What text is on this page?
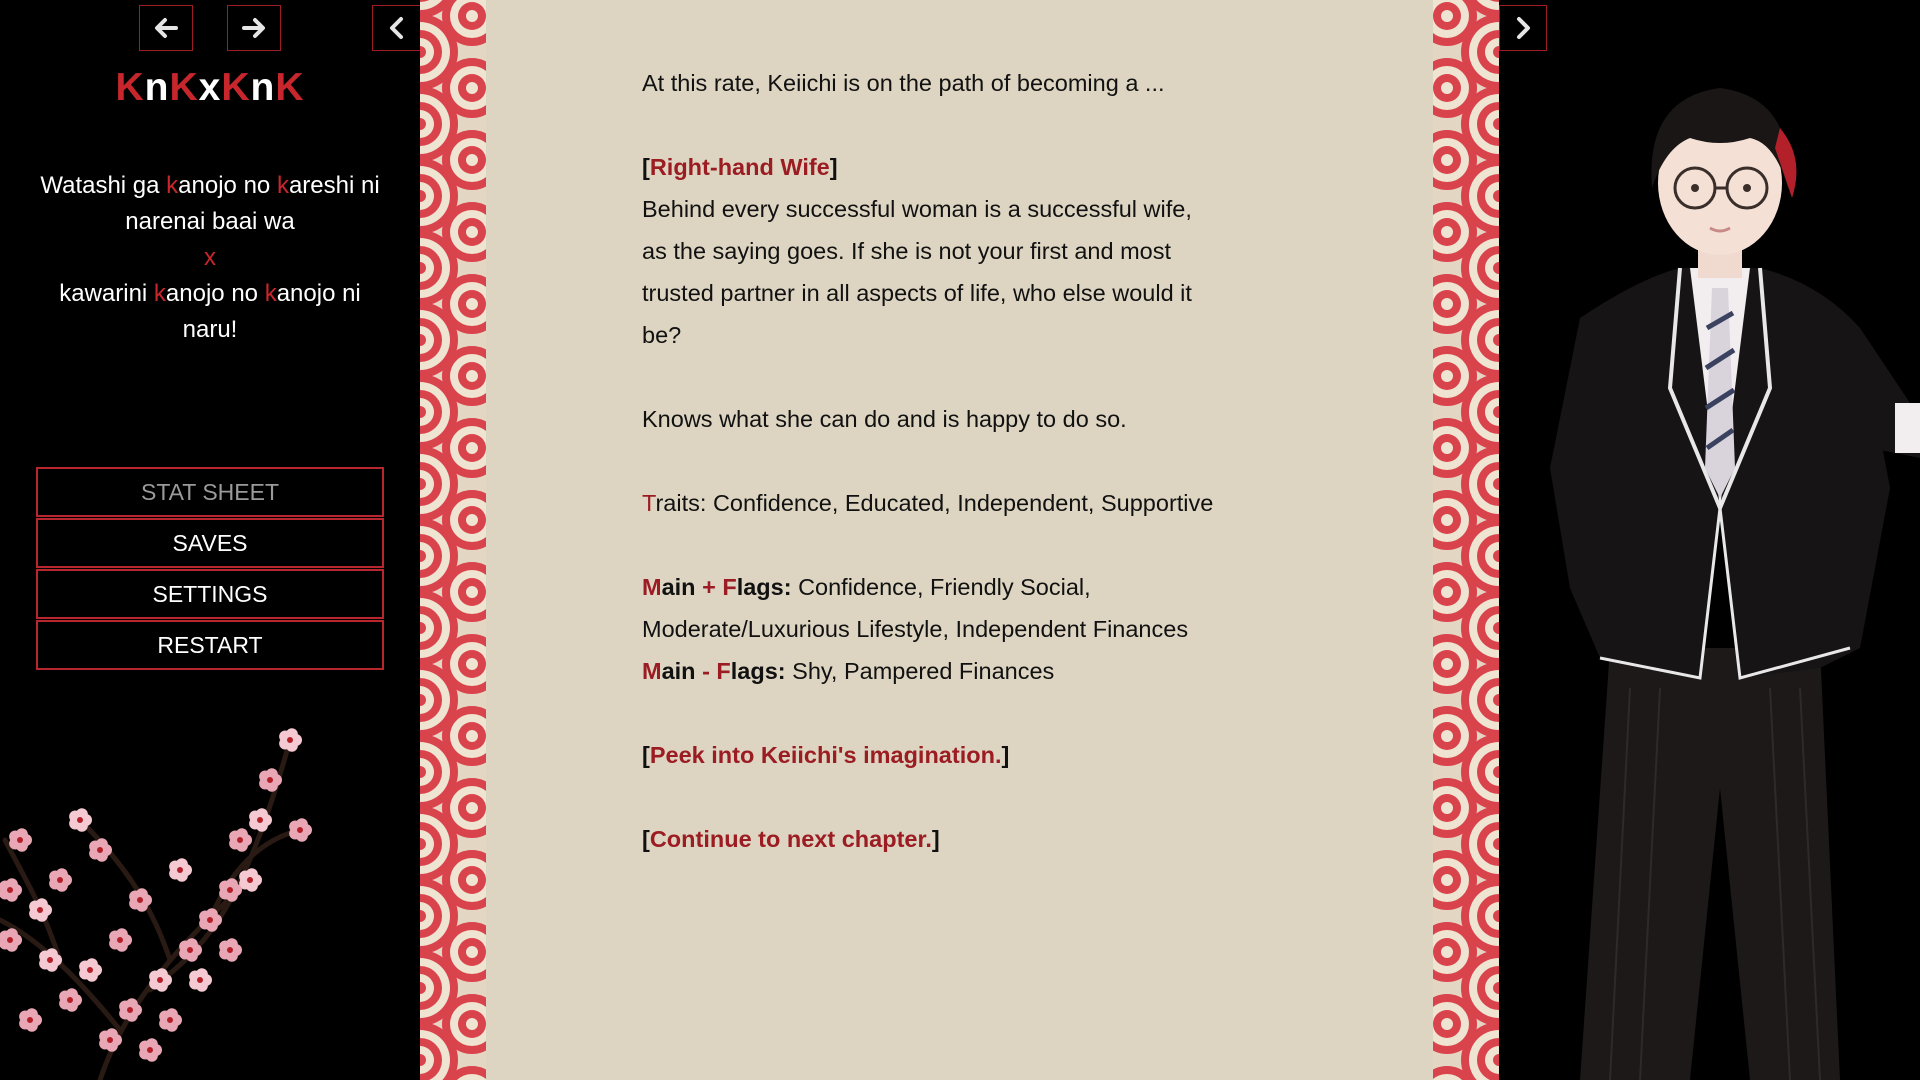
KnKxKnK
Watashi ga kanojo no kareshi ni narenai baai wa
x
kawarini kanojo no kanojo ni naru!
STAT SHEET
SAVES
SETTINGS
RESTART

At this rate, Keiichi is on the path of becoming a ...

[Right-hand Wife]
Behind every successful woman is a successful wife, as the saying goes. If she is not your first and most trusted partner in all aspects of life, who else would it be?

Knows what she can do and is happy to do so.

Traits: Confidence, Educated, Independent, Supportive

Main + Flags: Confidence, Friendly Social, Moderate/Luxurious Lifestyle, Independent Finances
Main - Flags: Shy, Pampered Finances

[Peek into Keiichi's imagination.]

[Continue to next chapter.]
